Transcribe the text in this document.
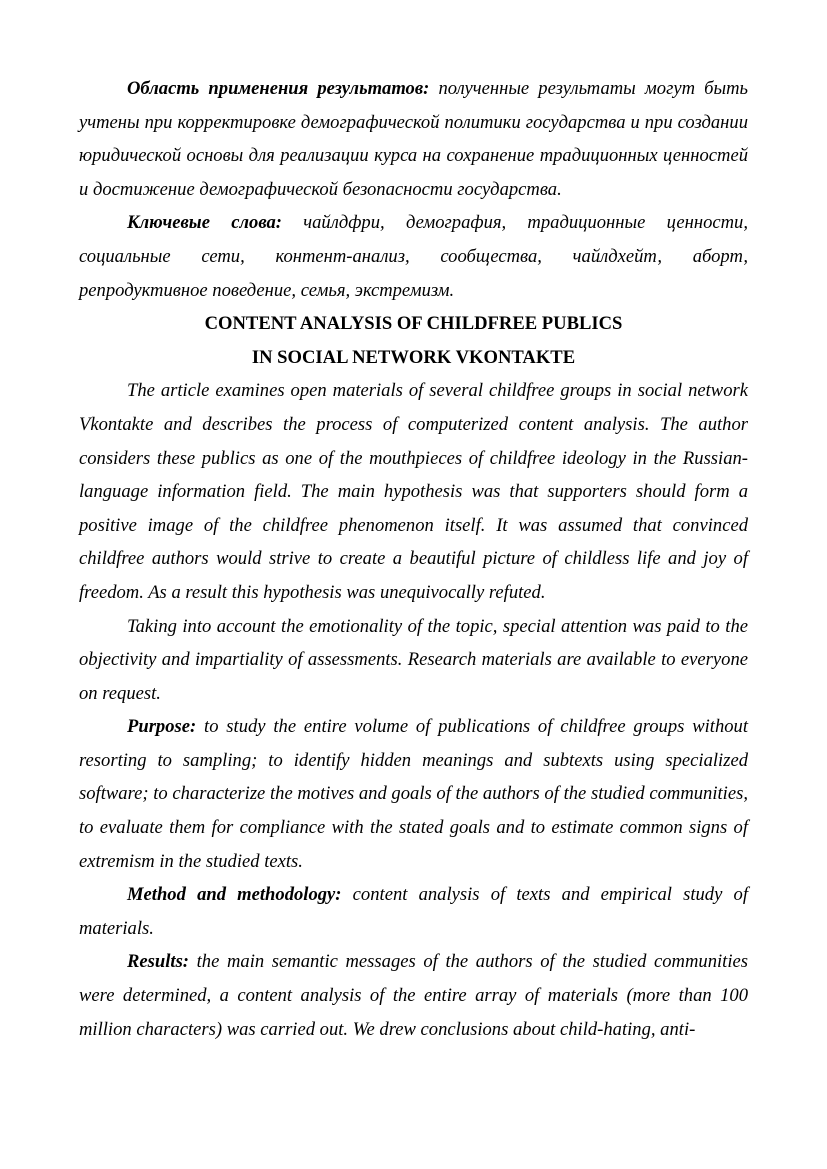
Область применения результатов: полученные результаты могут быть учтены при корректировке демографической политики государства и при создании юридической основы для реализации курса на сохранение традиционных ценностей и достижение демографической безопасности государства.

Ключевые слова: чайлдфри, демография, традиционные ценности, социальные сети, контент-анализ, сообщества, чайлдхейт, аборт, репродуктивное поведение, семья, экстремизм.

CONTENT ANALYSIS OF CHILDFREE PUBLICS
IN SOCIAL NETWORK VKONTAKTE

The article examines open materials of several childfree groups in social network Vkontakte and describes the process of computerized content analysis. The author considers these publics as one of the mouthpieces of childfree ideology in the Russian-language information field. The main hypothesis was that supporters should form a positive image of the childfree phenomenon itself. It was assumed that convinced childfree authors would strive to create a beautiful picture of childless life and joy of freedom. As a result this hypothesis was unequivocally refuted.

Taking into account the emotionality of the topic, special attention was paid to the objectivity and impartiality of assessments. Research materials are available to everyone on request.

Purpose: to study the entire volume of publications of childfree groups without resorting to sampling; to identify hidden meanings and subtexts using specialized software; to characterize the motives and goals of the authors of the studied communities, to evaluate them for compliance with the stated goals and to estimate common signs of extremism in the studied texts.

Method and methodology: content analysis of texts and empirical study of materials.

Results: the main semantic messages of the authors of the studied communities were determined, a content analysis of the entire array of materials (more than 100 million characters) was carried out. We drew conclusions about child-hating, anti-
